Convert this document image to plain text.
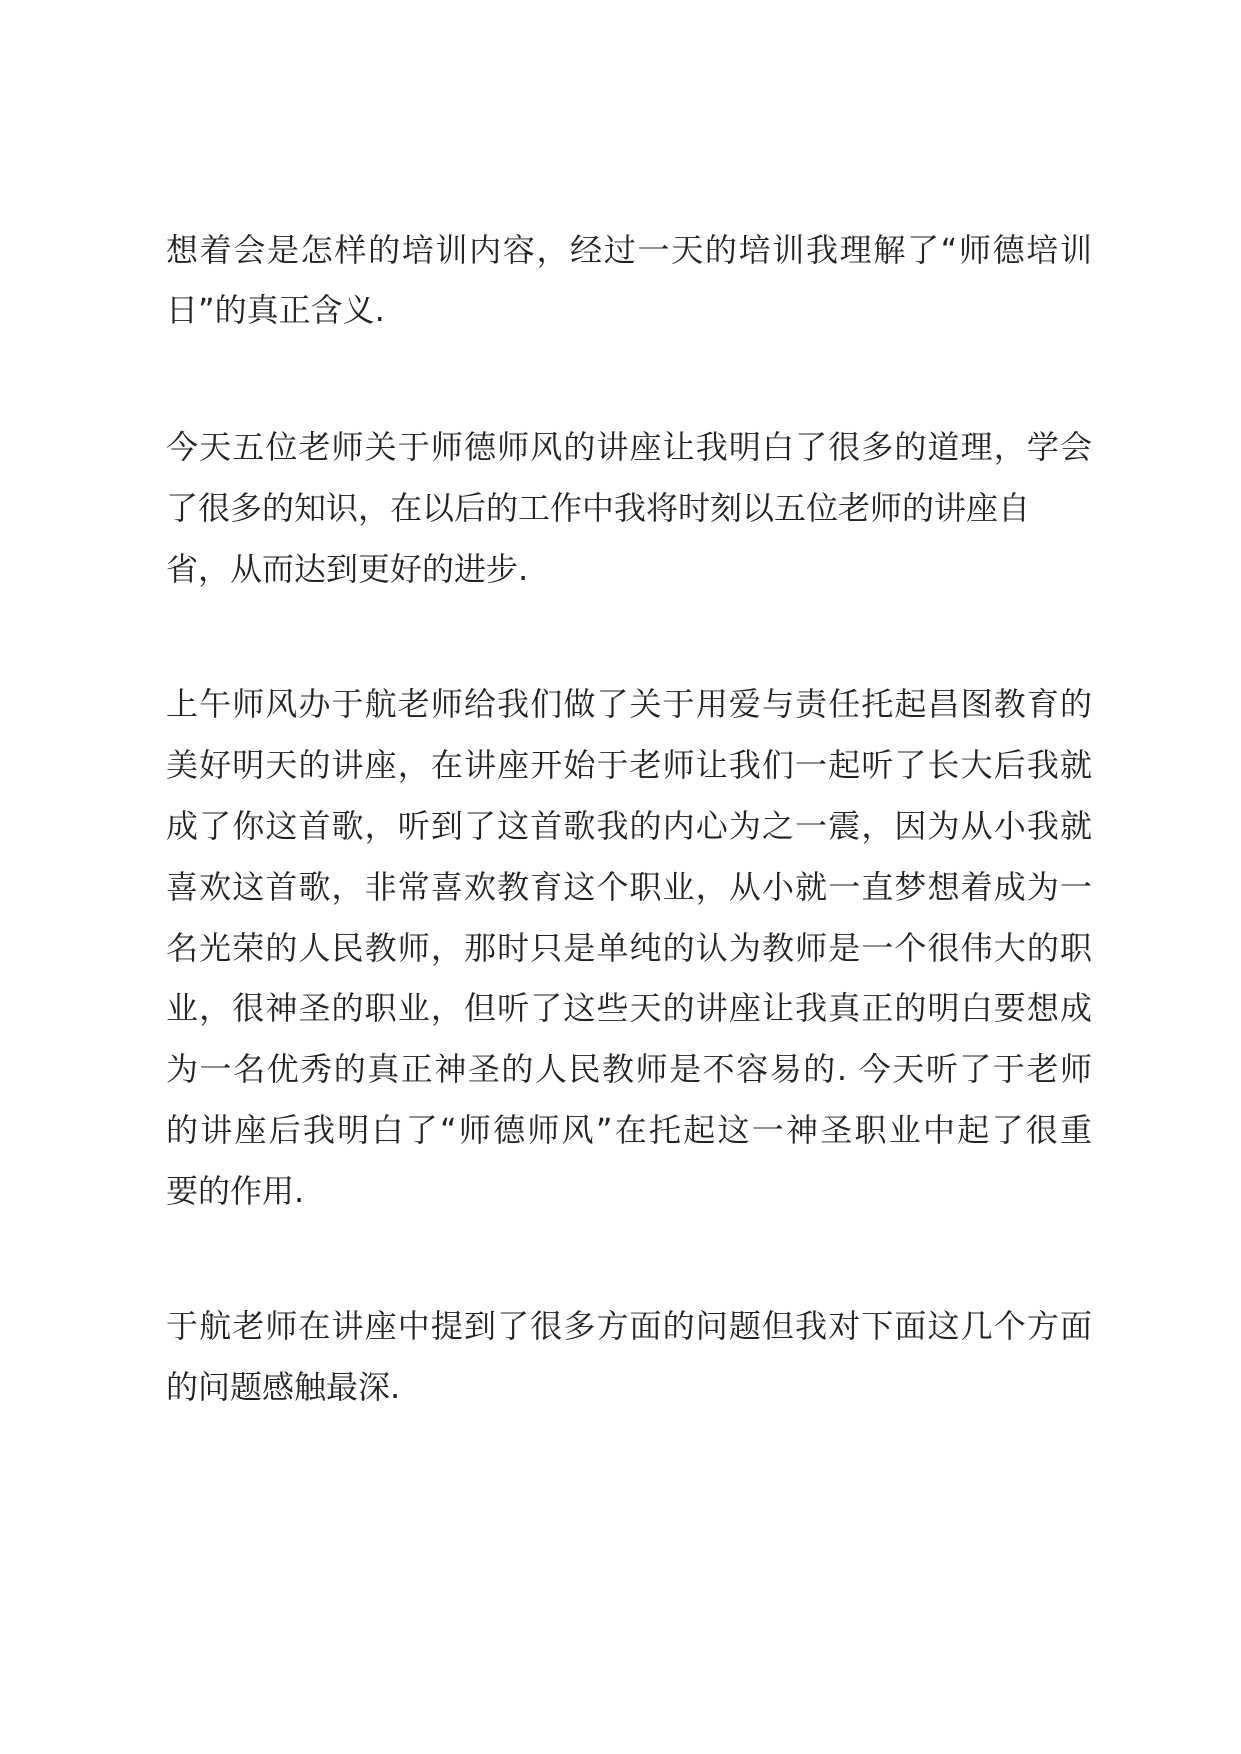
想着会是怎样的培训内容，经过一天的培训我理解了“师德培训
日”的真正含义.
今天五位老师关于师德师风的讲座让我明白了很多的道理，学会
了很多的知识，在以后的工作中我将时刻以五位老师的讲座自
省，从而达到更好的进步.
上午师风办于航老师给我们做了关于用爱与责任托起昌图教育的
美好明天的讲座，在讲座开始于老师让我们一起听了长大后我就
成了你这首歌，听到了这首歌我的内心为之一震，因为从小我就
喜欢这首歌，非常喜欢教育这个职业，从小就一直梦想着成为一
名光荣的人民教师，那时只是单纯的认为教师是一个很伟大的职
业，很神圣的职业，但听了这些天的讲座让我真正的明白要想成
为一名优秀的真正神圣的人民教师是不容易的. 今天听了于老师
的讲座后我明白了“师德师风”在托起这一神圣职业中起了很重
要的作用.
于航老师在讲座中提到了很多方面的问题但我对下面这几个方面
的问题感触最深.
